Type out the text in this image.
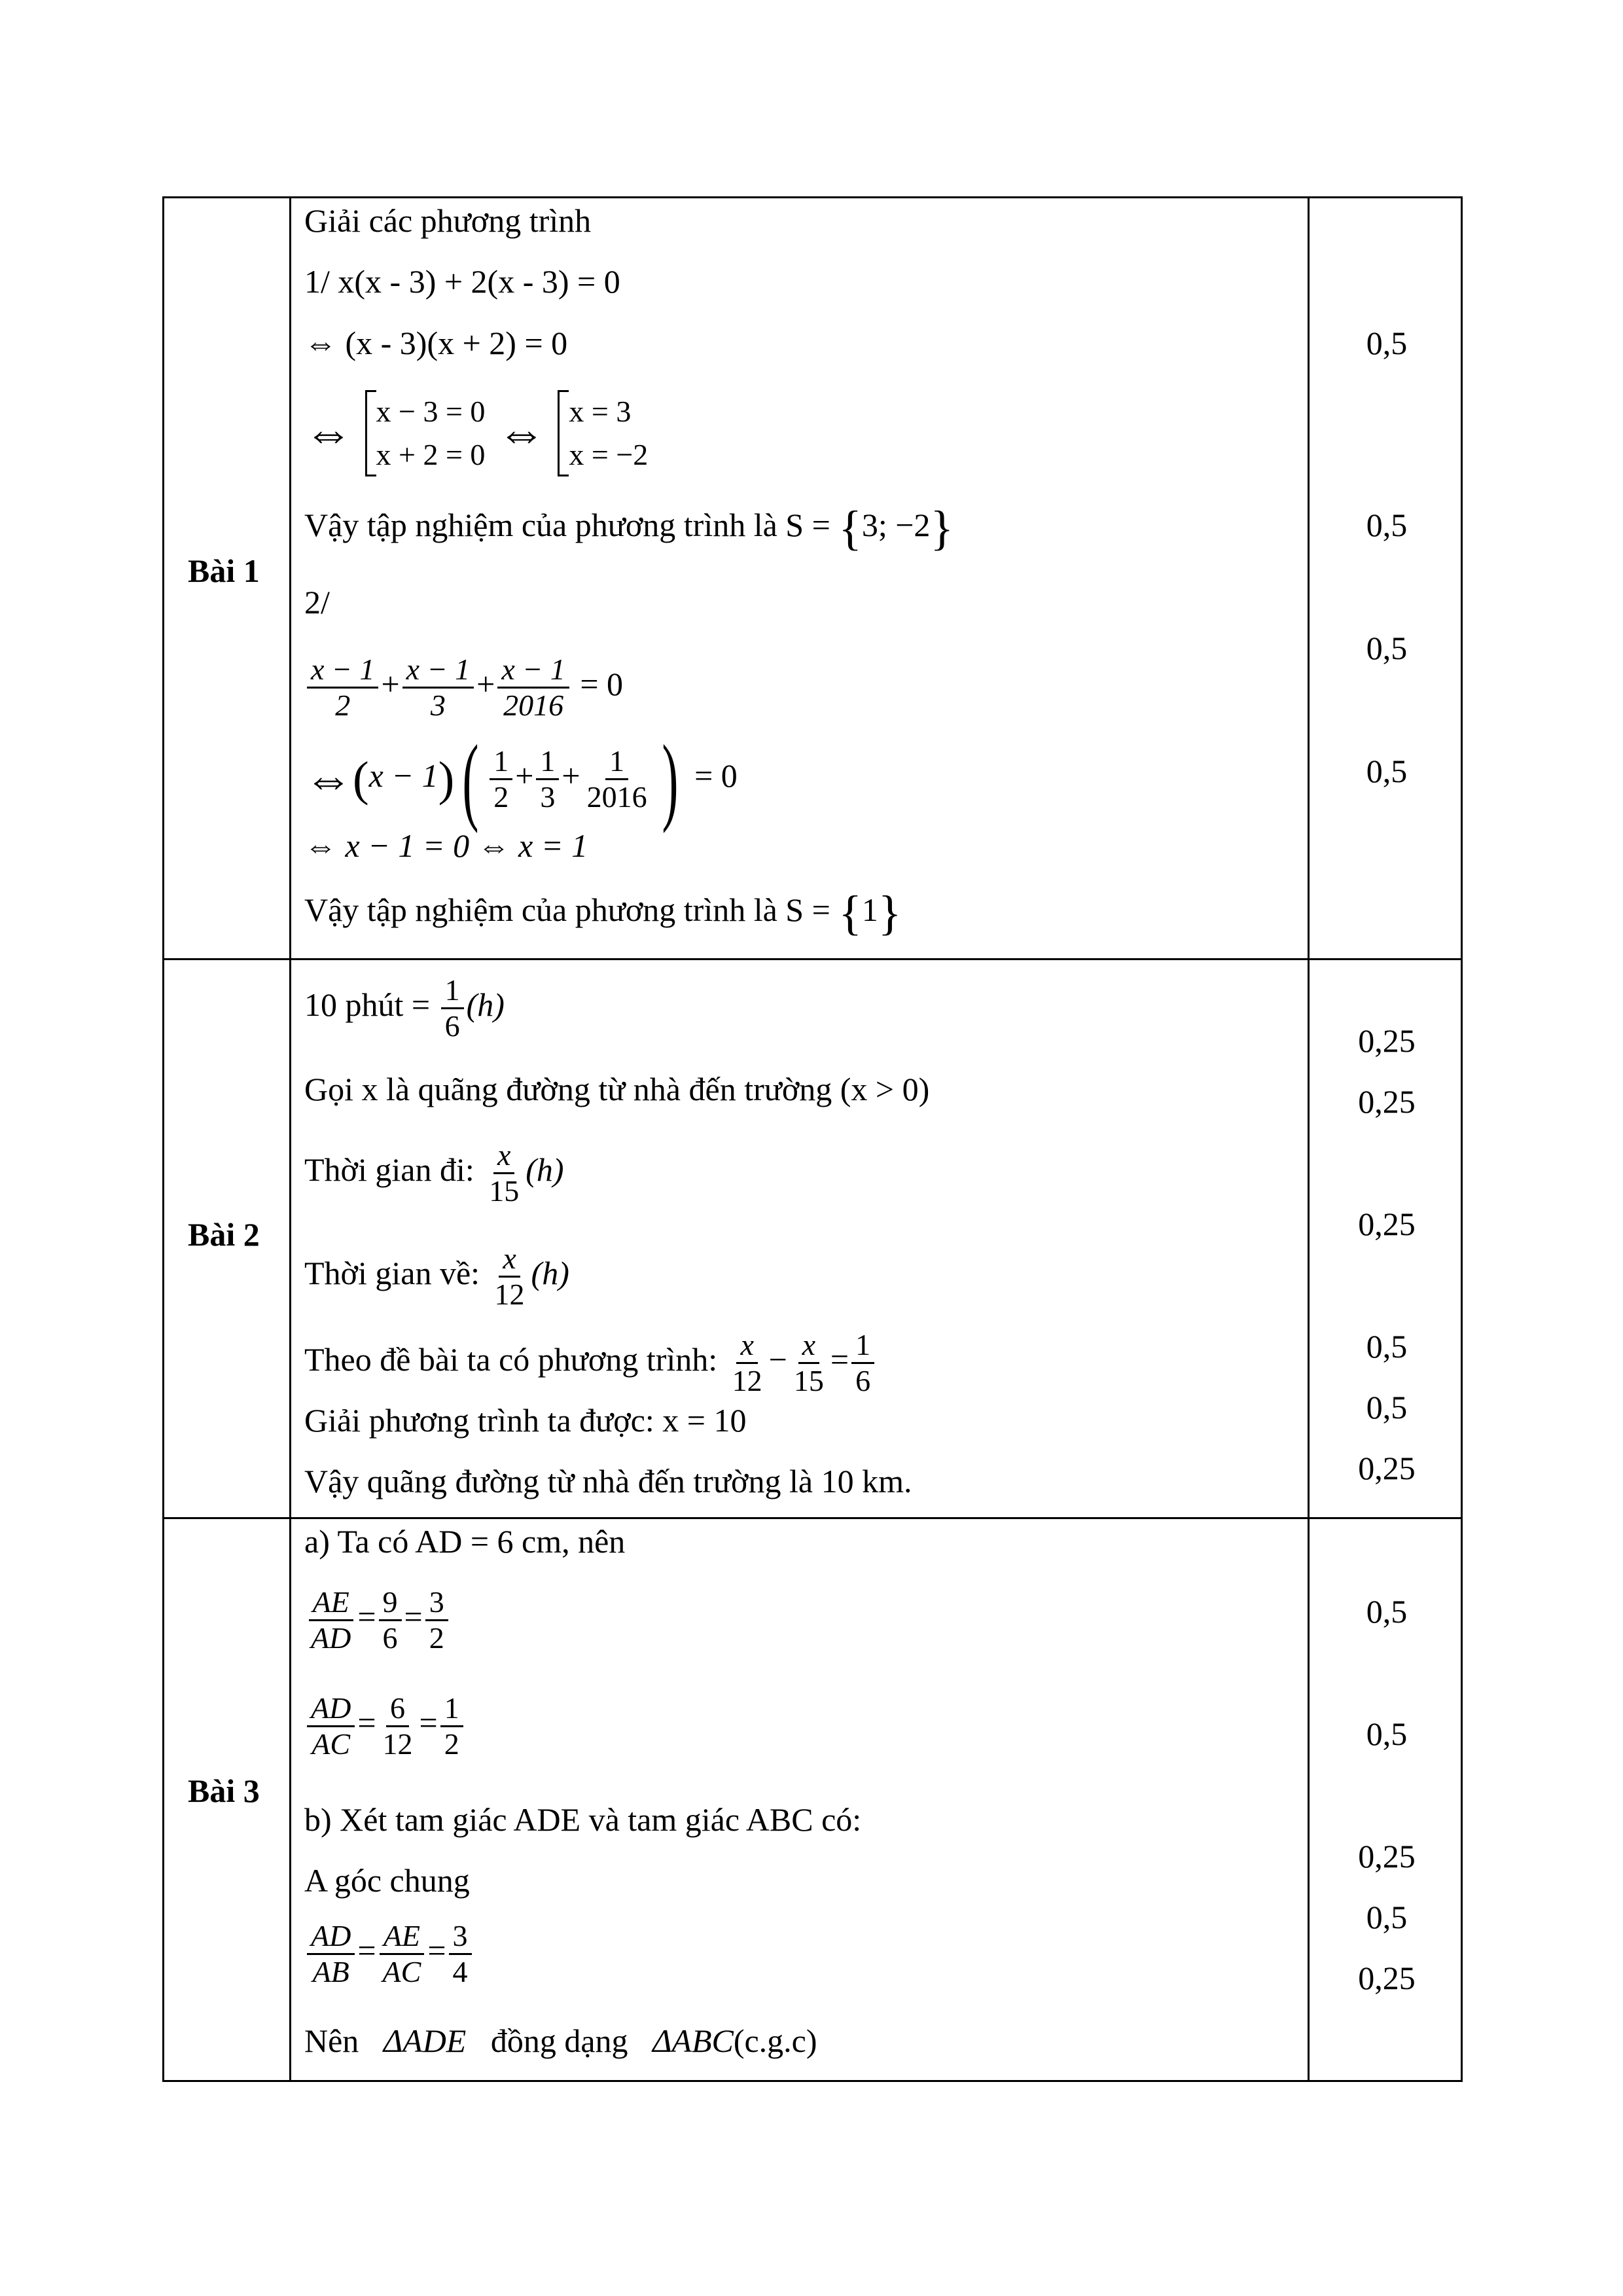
Bài 1
Giải các phương trình
1/ x(x - 3) + 2(x - 3) = 0
⇔ (x - 3)(x + 2) = 0
⇔ x − 3 = 0
x + 2 = 0 ⇔ x = 3
x = −2
Vậy tập nghiệm của phương trình là S = {3; −2}
2/
$\frac{x - 1}{2} + \frac{x - 1}{3} + \frac{x - 1}{2016} = 0$
⇔(x − $1)( \frac{1}{2} + \frac{1}{3} + \frac{1}{2016}$ ) = 0
⇔ x − 1 = 0 ⇔ x = 1
Vậy tập nghiệm của phương trình là S = {1}
0,5
0,5
0,5
0,5
Bài 2
10 phút = $\frac{1}{6} (h)$
Gọi x là quãng đường từ nhà đến trường (x > 0)
Thời gian đi: $\frac{x}{15} (h)$
Thời gian về: $\frac{x}{12} (h)$
Theo đề bài ta có phương trình: $\frac{x}{12} - \frac{x}{15} = \frac{1}{6}$
Giải phương trình ta được: x = 10
Vậy quãng đường từ nhà đến trường là 10 km.
0,25
0,25
0,25
0,5
0,5
0,25
Bài 3
a) Ta có AD = 6 cm, nên
$\frac{AE}{AD} = \frac{9}{6} = \frac{3}{2}$
$\frac{AD}{AC} = \frac{6}{12} = \frac{1}{2}$
b) Xét tam giác ADE và tam giác ABC có:
A góc chung
$\frac{AD}{AB} = \frac{AE}{AC} = \frac{3}{4}$
Nên ΔADE đồng dạng ΔABC(c.g.c)
0,5
0,5
0,25
0,5
0,25
